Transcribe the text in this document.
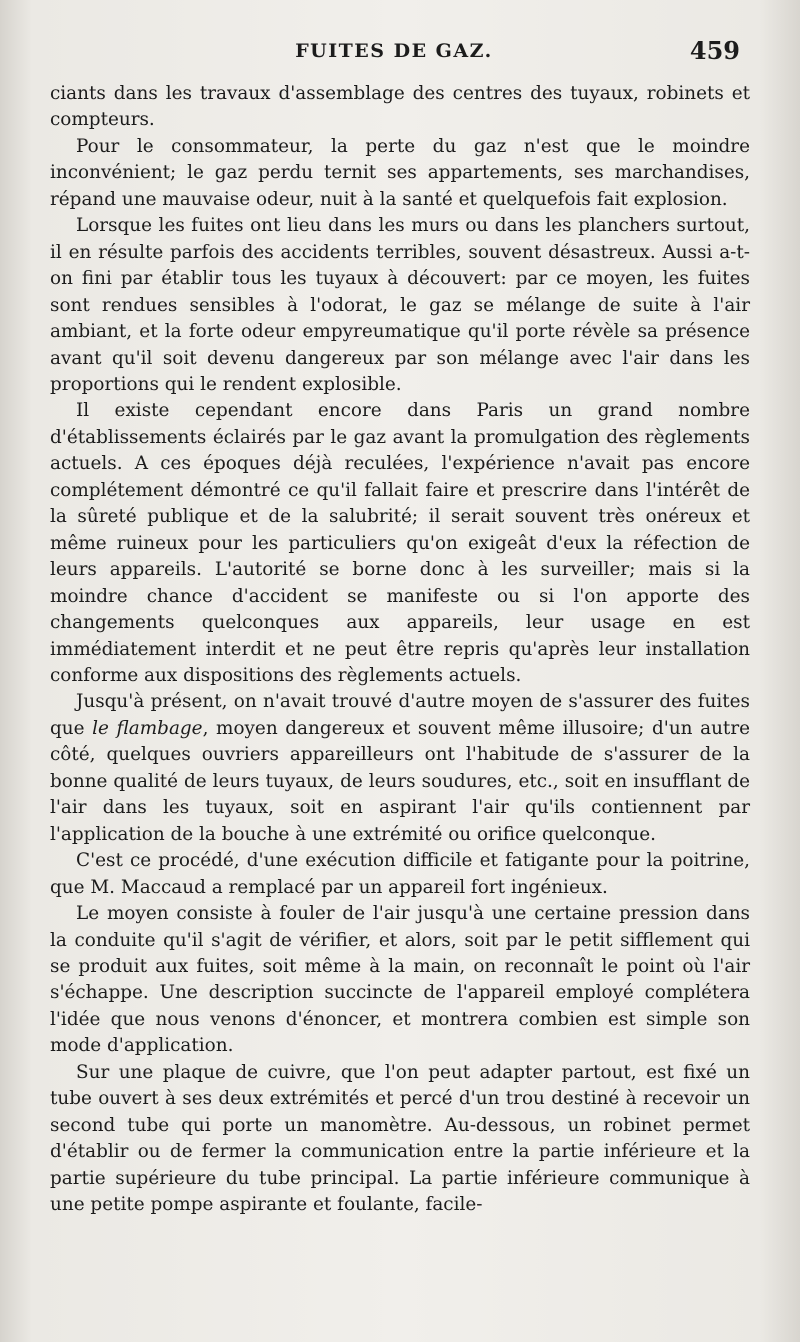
FUITES DE GAZ.	459

ciants dans les travaux d'assemblage des centres des tuyaux, robinets et compteurs.

Pour le consommateur, la perte du gaz n'est que le moindre inconvénient; le gaz perdu ternit ses appartements, ses marchandises, répand une mauvaise odeur, nuit à la santé et quelquefois fait explosion.

Lorsque les fuites ont lieu dans les murs ou dans les planchers surtout, il en résulte parfois des accidents terribles, souvent désastreux. Aussi a-t-on fini par établir tous les tuyaux à découvert: par ce moyen, les fuites sont rendues sensibles à l'odorat, le gaz se mélange de suite à l'air ambiant, et la forte odeur empyreumatique qu'il porte révèle sa présence avant qu'il soit devenu dangereux par son mélange avec l'air dans les proportions qui le rendent explosible.

Il existe cependant encore dans Paris un grand nombre d'établissements éclairés par le gaz avant la promulgation des règlements actuels. A ces époques déjà reculées, l'expérience n'avait pas encore complétement démontré ce qu'il fallait faire et prescrire dans l'intérêt de la sûreté publique et de la salubrité; il serait souvent très onéreux et même ruineux pour les particuliers qu'on exigeât d'eux la réfection de leurs appareils. L'autorité se borne donc à les surveiller; mais si la moindre chance d'accident se manifeste ou si l'on apporte des changements quelconques aux appareils, leur usage en est immédiatement interdit et ne peut être repris qu'après leur installation conforme aux dispositions des règlements actuels.

Jusqu'à présent, on n'avait trouvé d'autre moyen de s'assurer des fuites que le flambage, moyen dangereux et souvent même illusoire; d'un autre côté, quelques ouvriers appareilleurs ont l'habitude de s'assurer de la bonne qualité de leurs tuyaux, de leurs soudures, etc., soit en insufflant de l'air dans les tuyaux, soit en aspirant l'air qu'ils contiennent par l'application de la bouche à une extrémité ou orifice quelconque.

C'est ce procédé, d'une exécution difficile et fatigante pour la poitrine, que M. Maccaud a remplacé par un appareil fort ingénieux.

Le moyen consiste à fouler de l'air jusqu'à une certaine pression dans la conduite qu'il s'agit de vérifier, et alors, soit par le petit sifflement qui se produit aux fuites, soit même à la main, on reconnaît le point où l'air s'échappe. Une description succincte de l'appareil employé complétera l'idée que nous venons d'énoncer, et montrera combien est simple son mode d'application.

Sur une plaque de cuivre, que l'on peut adapter partout, est fixé un tube ouvert à ses deux extrémités et percé d'un trou destiné à recevoir un second tube qui porte un manomètre. Au-dessous, un robinet permet d'établir ou de fermer la communication entre la partie inférieure et la partie supérieure du tube principal. La partie inférieure communique à une petite pompe aspirante et foulante, facile-
